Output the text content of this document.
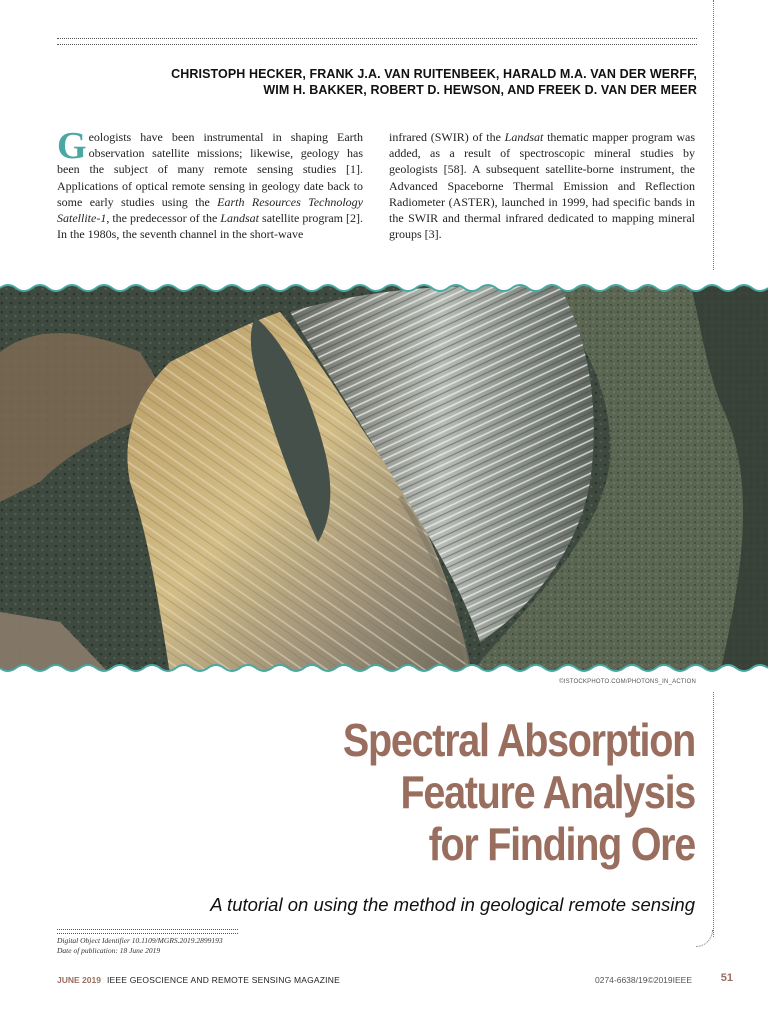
CHRISTOPH HECKER, FRANK J.A. VAN RUITENBEEK, HARALD M.A. VAN DER WERFF,
WIM H. BAKKER, ROBERT D. HEWSON, AND FREEK D. VAN DER MEER
Geologists have been instrumental in shaping Earth observation satellite missions; likewise, geology has been the subject of many remote sensing studies [1]. Applications of optical remote sensing in geology date back to some early studies using the Earth Resources Technology Satellite-1, the predecessor of the Landsat satellite program [2]. In the 1980s, the seventh channel in the short-wave
infrared (SWIR) of the Landsat thematic mapper program was added, as a result of spectroscopic mineral studies by geologists [58]. A subsequent satellite-borne instrument, the Advanced Spaceborne Thermal Emission and Reflection Radiometer (ASTER), launched in 1999, had specific bands in the SWIR and thermal infrared dedicated to mapping mineral groups [3].
©ISTOCKPHOTO.COM/PHOTONS_IN_ACTION
Spectral Absorption
Feature Analysis
for Finding Ore
A tutorial on using the method in geological remote sensing
Digital Object Identifier 10.1109/MGRS.2019.2899193
Date of publication: 18 June 2019
JUNE 2019 IEEE GEOSCIENCE AND REMOTE SENSING MAGAZINE	0274-6638/19©2019IEEE	51
